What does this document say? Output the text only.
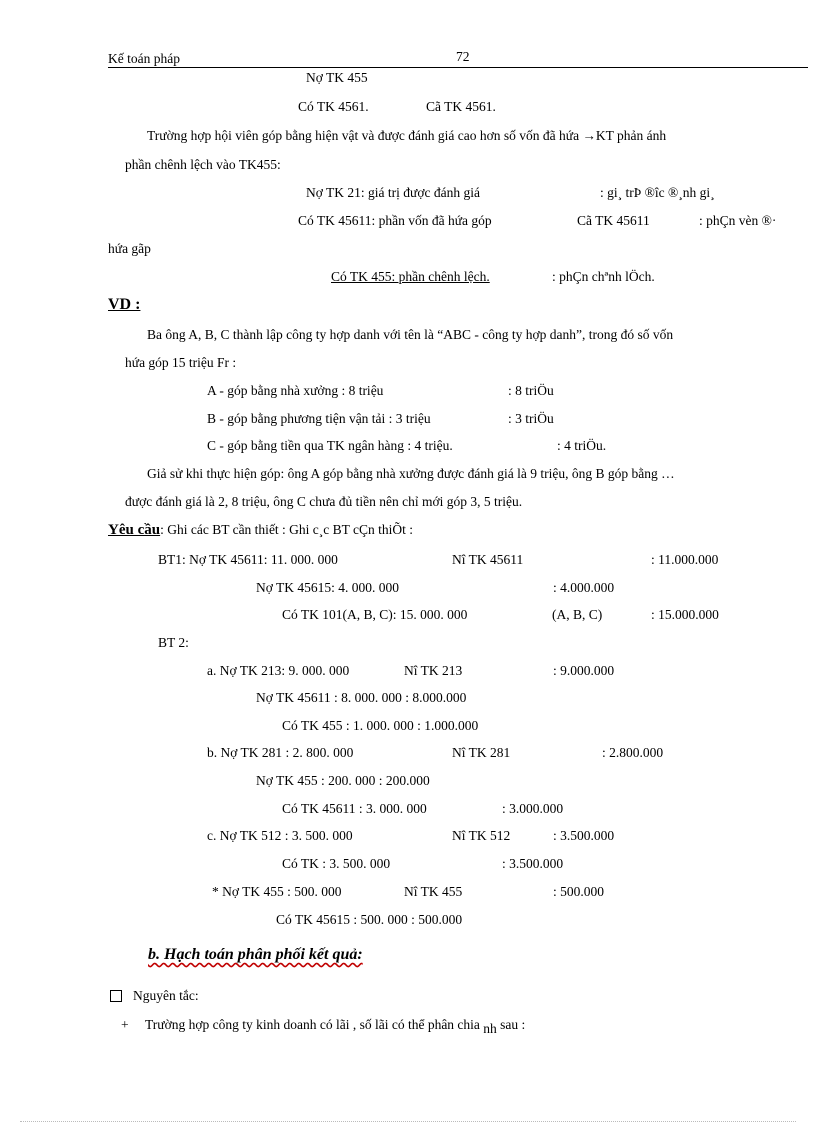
Kế toán pháp	72
Nợ TK 455
Có TK 4561.	Cã TK 4561.
Trường hợp hội viên góp bằng hiện vật và được đánh giá cao hơn số vốn đã hứa →KT phản ánh
phần chênh lệch vào TK455:
Nợ TK 21: giá trị được đánh giá	: gi¸ trÞ ®îc ®¸nh gi¸
Có TK 45611: phần vốn đã hứa góp	Cã TK 45611	: phÇn vèn ®·
hứa gãp
Có TK 455: phần chênh lệch.	: phÇn chªnh lÖch.
VD :
Ba ông A, B, C thành lập công ty hợp danh với tên là “ABC - công ty hợp danh”, trong đó số vốn
hứa góp 15 triệu Fr :
A - góp bằng nhà xưởng : 8 triệu	: 8 triÖu
B - góp bằng phương tiện vận tải : 3 triệu	: 3 triÖu
C - góp bằng tiền qua TK ngân hàng : 4 triệu.	: 4 triÖu.
Giả sử khi thực hiện góp: ông A góp bằng nhà xưởng được đánh giá là 9 triệu, ông B góp bằng …
được đánh giá là 2, 8 triệu, ông C chưa đủ tiền nên chỉ mới góp 3, 5 triệu.
Yêu cầu: Ghi các BT cần thiết : Ghi c¸c BT cÇn thiÕt :
BT1: Nợ TK 45611: 11. 000. 000	Nî TK 45611	: 11.000.000
Nợ TK 45615: 4. 000. 000	: 4.000.000
Có TK 101(A, B, C): 15. 000. 000	(A, B, C)	: 15.000.000
BT 2:
a. Nợ TK 213: 9. 000. 000	Nî TK 213	: 9.000.000
Nợ TK 45611 : 8. 000. 000 : 8.000.000
Có TK 455 : 1. 000. 000 : 1.000.000
b. Nợ TK 281 : 2. 800. 000	Nî TK 281	: 2.800.000
Nợ TK 455 : 200. 000 : 200.000
Có TK 45611 : 3. 000. 000	: 3.000.000
c. Nợ TK 512 : 3. 500. 000	Nî TK 512	: 3.500.000
Có TK : 3. 500. 000	: 3.500.000
* Nợ TK 455 : 500. 000	Nî TK 455	: 500.000
Có TK 45615 : 500. 000 : 500.000
b. Hạch toán phân phối kết quả:
Nguyên tắc:
+ Trường hợp công ty kinh doanh có lãi , số lãi có thể phân chia nh sau :
